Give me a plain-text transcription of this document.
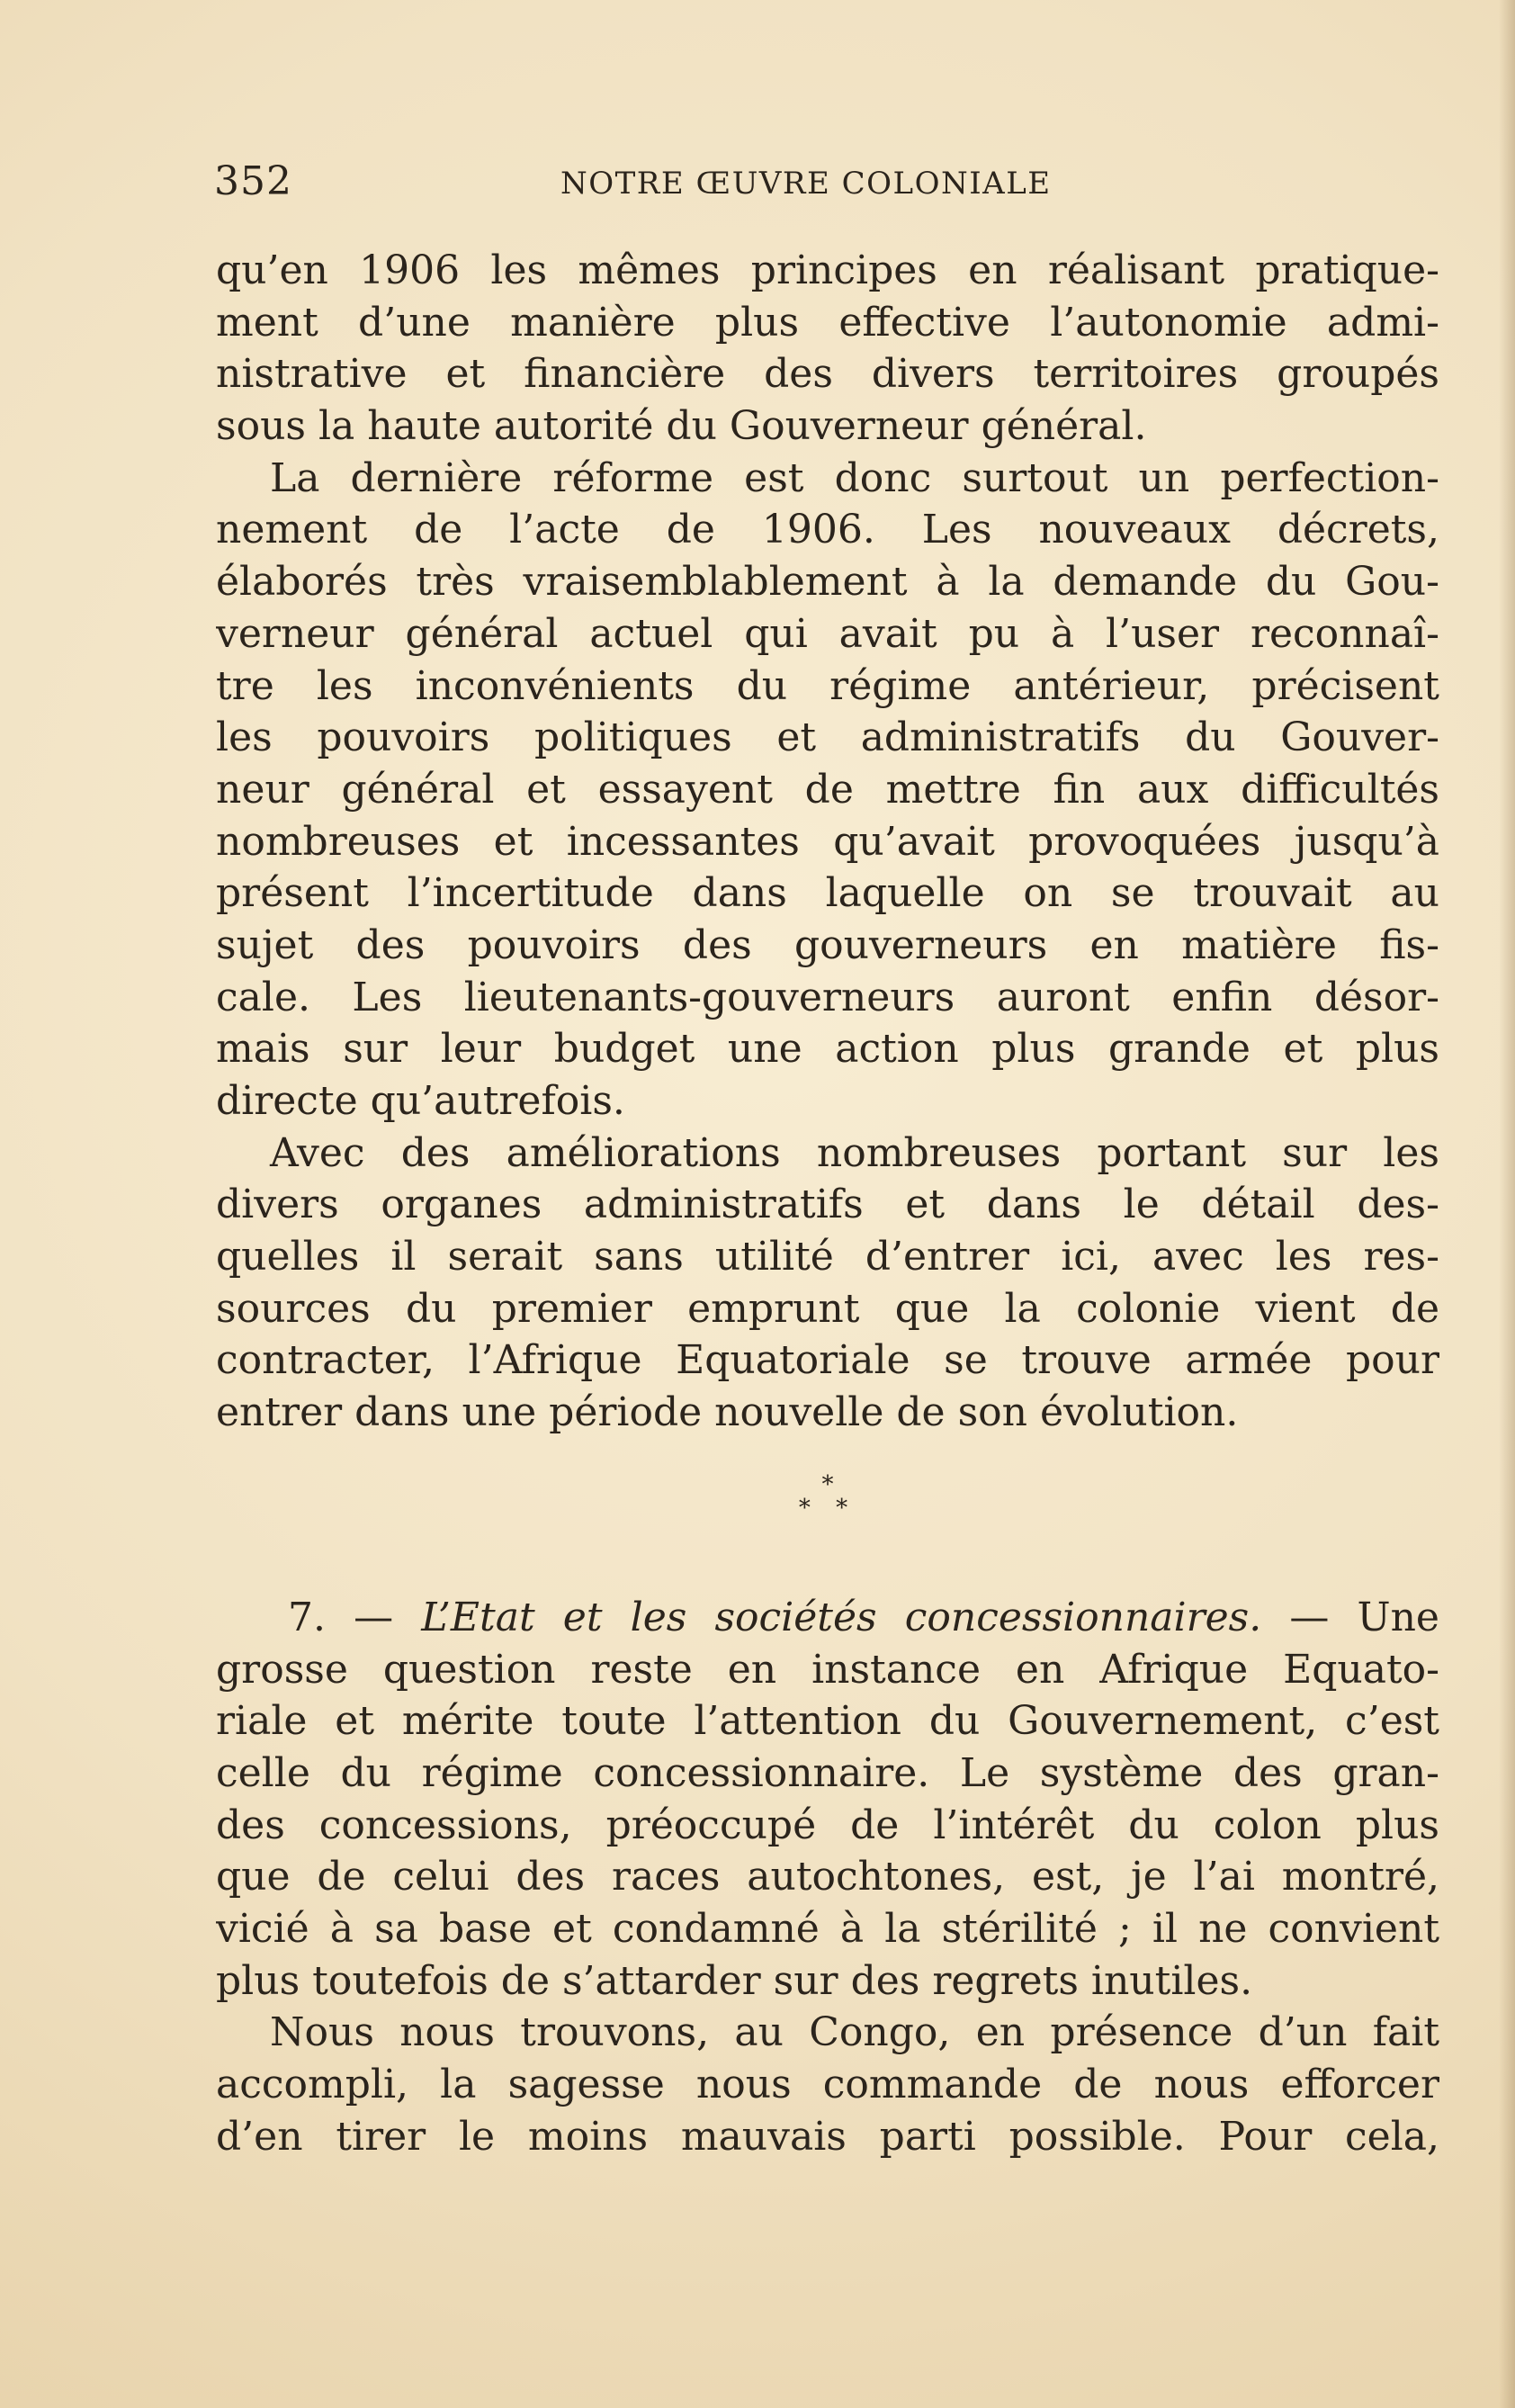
352	NOTRE ŒUVRE COLONIALE
qu’en 1906 les mêmes principes en réalisant pratique-
ment d’une manière plus effective l’autonomie admi-
nistrative et financière des divers territoires groupés
sous la haute autorité du Gouverneur général.
La dernière réforme est donc surtout un perfection-
nement de l’acte de 1906. Les nouveaux décrets,
élaborés très vraisemblablement à la demande du Gou-
verneur général actuel qui avait pu à l’user reconnaî-
tre les inconvénients du régime antérieur, précisent
les pouvoirs politiques et administratifs du Gouver-
neur général et essayent de mettre fin aux difficultés
nombreuses et incessantes qu’avait provoquées jusqu’à
présent l’incertitude dans laquelle on se trouvait au
sujet des pouvoirs des gouverneurs en matière fis-
cale. Les lieutenants-gouverneurs auront enfin désor-
mais sur leur budget une action plus grande et plus
directe qu’autrefois.
Avec des améliorations nombreuses portant sur les
divers organes administratifs et dans le détail des-
quelles il serait sans utilité d’entrer ici, avec les res-
sources du premier emprunt que la colonie vient de
contracter, l’Afrique Equatoriale se trouve armée pour
entrer dans une période nouvelle de son évolution.
*
* *
7. — L’Etat et les sociétés concessionnaires. — Une
grosse question reste en instance en Afrique Equato-
riale et mérite toute l’attention du Gouvernement, c’est
celle du régime concessionnaire. Le système des gran-
des concessions, préoccupé de l’intérêt du colon plus
que de celui des races autochtones, est, je l’ai montré,
vicié à sa base et condamné à la stérilité ; il ne convient
plus toutefois de s’attarder sur des regrets inutiles.
Nous nous trouvons, au Congo, en présence d’un fait
accompli, la sagesse nous commande de nous efforcer
d’en tirer le moins mauvais parti possible. Pour cela,
